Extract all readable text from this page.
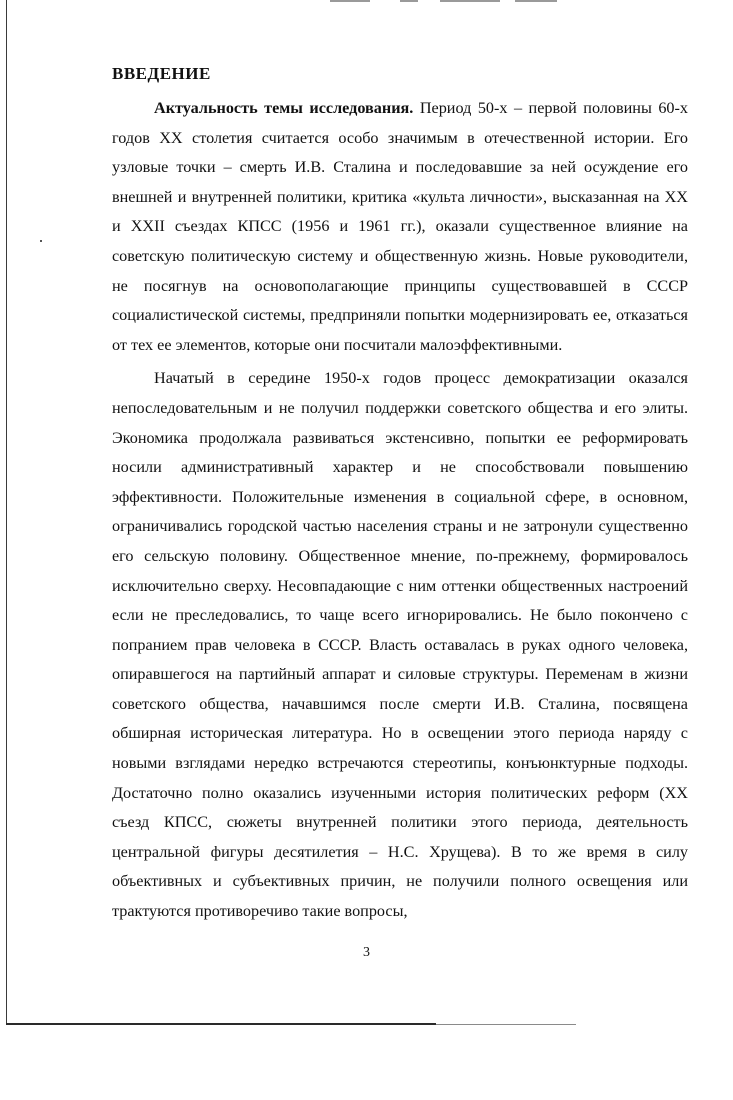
ВВЕДЕНИЕ

Актуальность темы исследования. Период 50-х – первой половины 60-х годов XX столетия считается особо значимым в отечественной истории. Его узловые точки – смерть И.В. Сталина и последовавшие за ней осуждение его внешней и внутренней политики, критика «культа личности», высказанная на XX и XXII съездах КПСС (1956 и 1961 гг.), оказали существенное влияние на советскую политическую систему и общественную жизнь. Новые руководители, не посягнув на основополагающие принципы существовавшей в СССР социалистической системы, предприняли попытки модернизировать ее, отказаться от тех ее элементов, которые они посчитали малоэффективными.

Начатый в середине 1950-х годов процесс демократизации оказался непоследовательным и не получил поддержки советского общества и его элиты. Экономика продолжала развиваться экстенсивно, попытки ее реформировать носили административный характер и не способствовали повышению эффективности. Положительные изменения в социальной сфере, в основном, ограничивались городской частью населения страны и не затронули существенно его сельскую половину. Общественное мнение, по-прежнему, формировалось исключительно сверху. Несовпадающие с ним оттенки общественных настроений если не преследовались, то чаще всего игнорировались. Не было покончено с попранием прав человека в СССР. Власть оставалась в руках одного человека, опиравшегося на партийный аппарат и силовые структуры. Переменам в жизни советского общества, начавшимся после смерти И.В. Сталина, посвящена обширная историческая литература. Но в освещении этого периода наряду с новыми взглядами нередко встречаются стереотипы, конъюнктурные подходы. Достаточно полно оказались изученными история политических реформ (XX съезд КПСС, сюжеты внутренней политики этого периода, деятельность центральной фигуры десятилетия – Н.С. Хрущева). В то же время в силу объективных и субъективных причин, не получили полного освещения или трактуются противоречиво такие вопросы,

3
